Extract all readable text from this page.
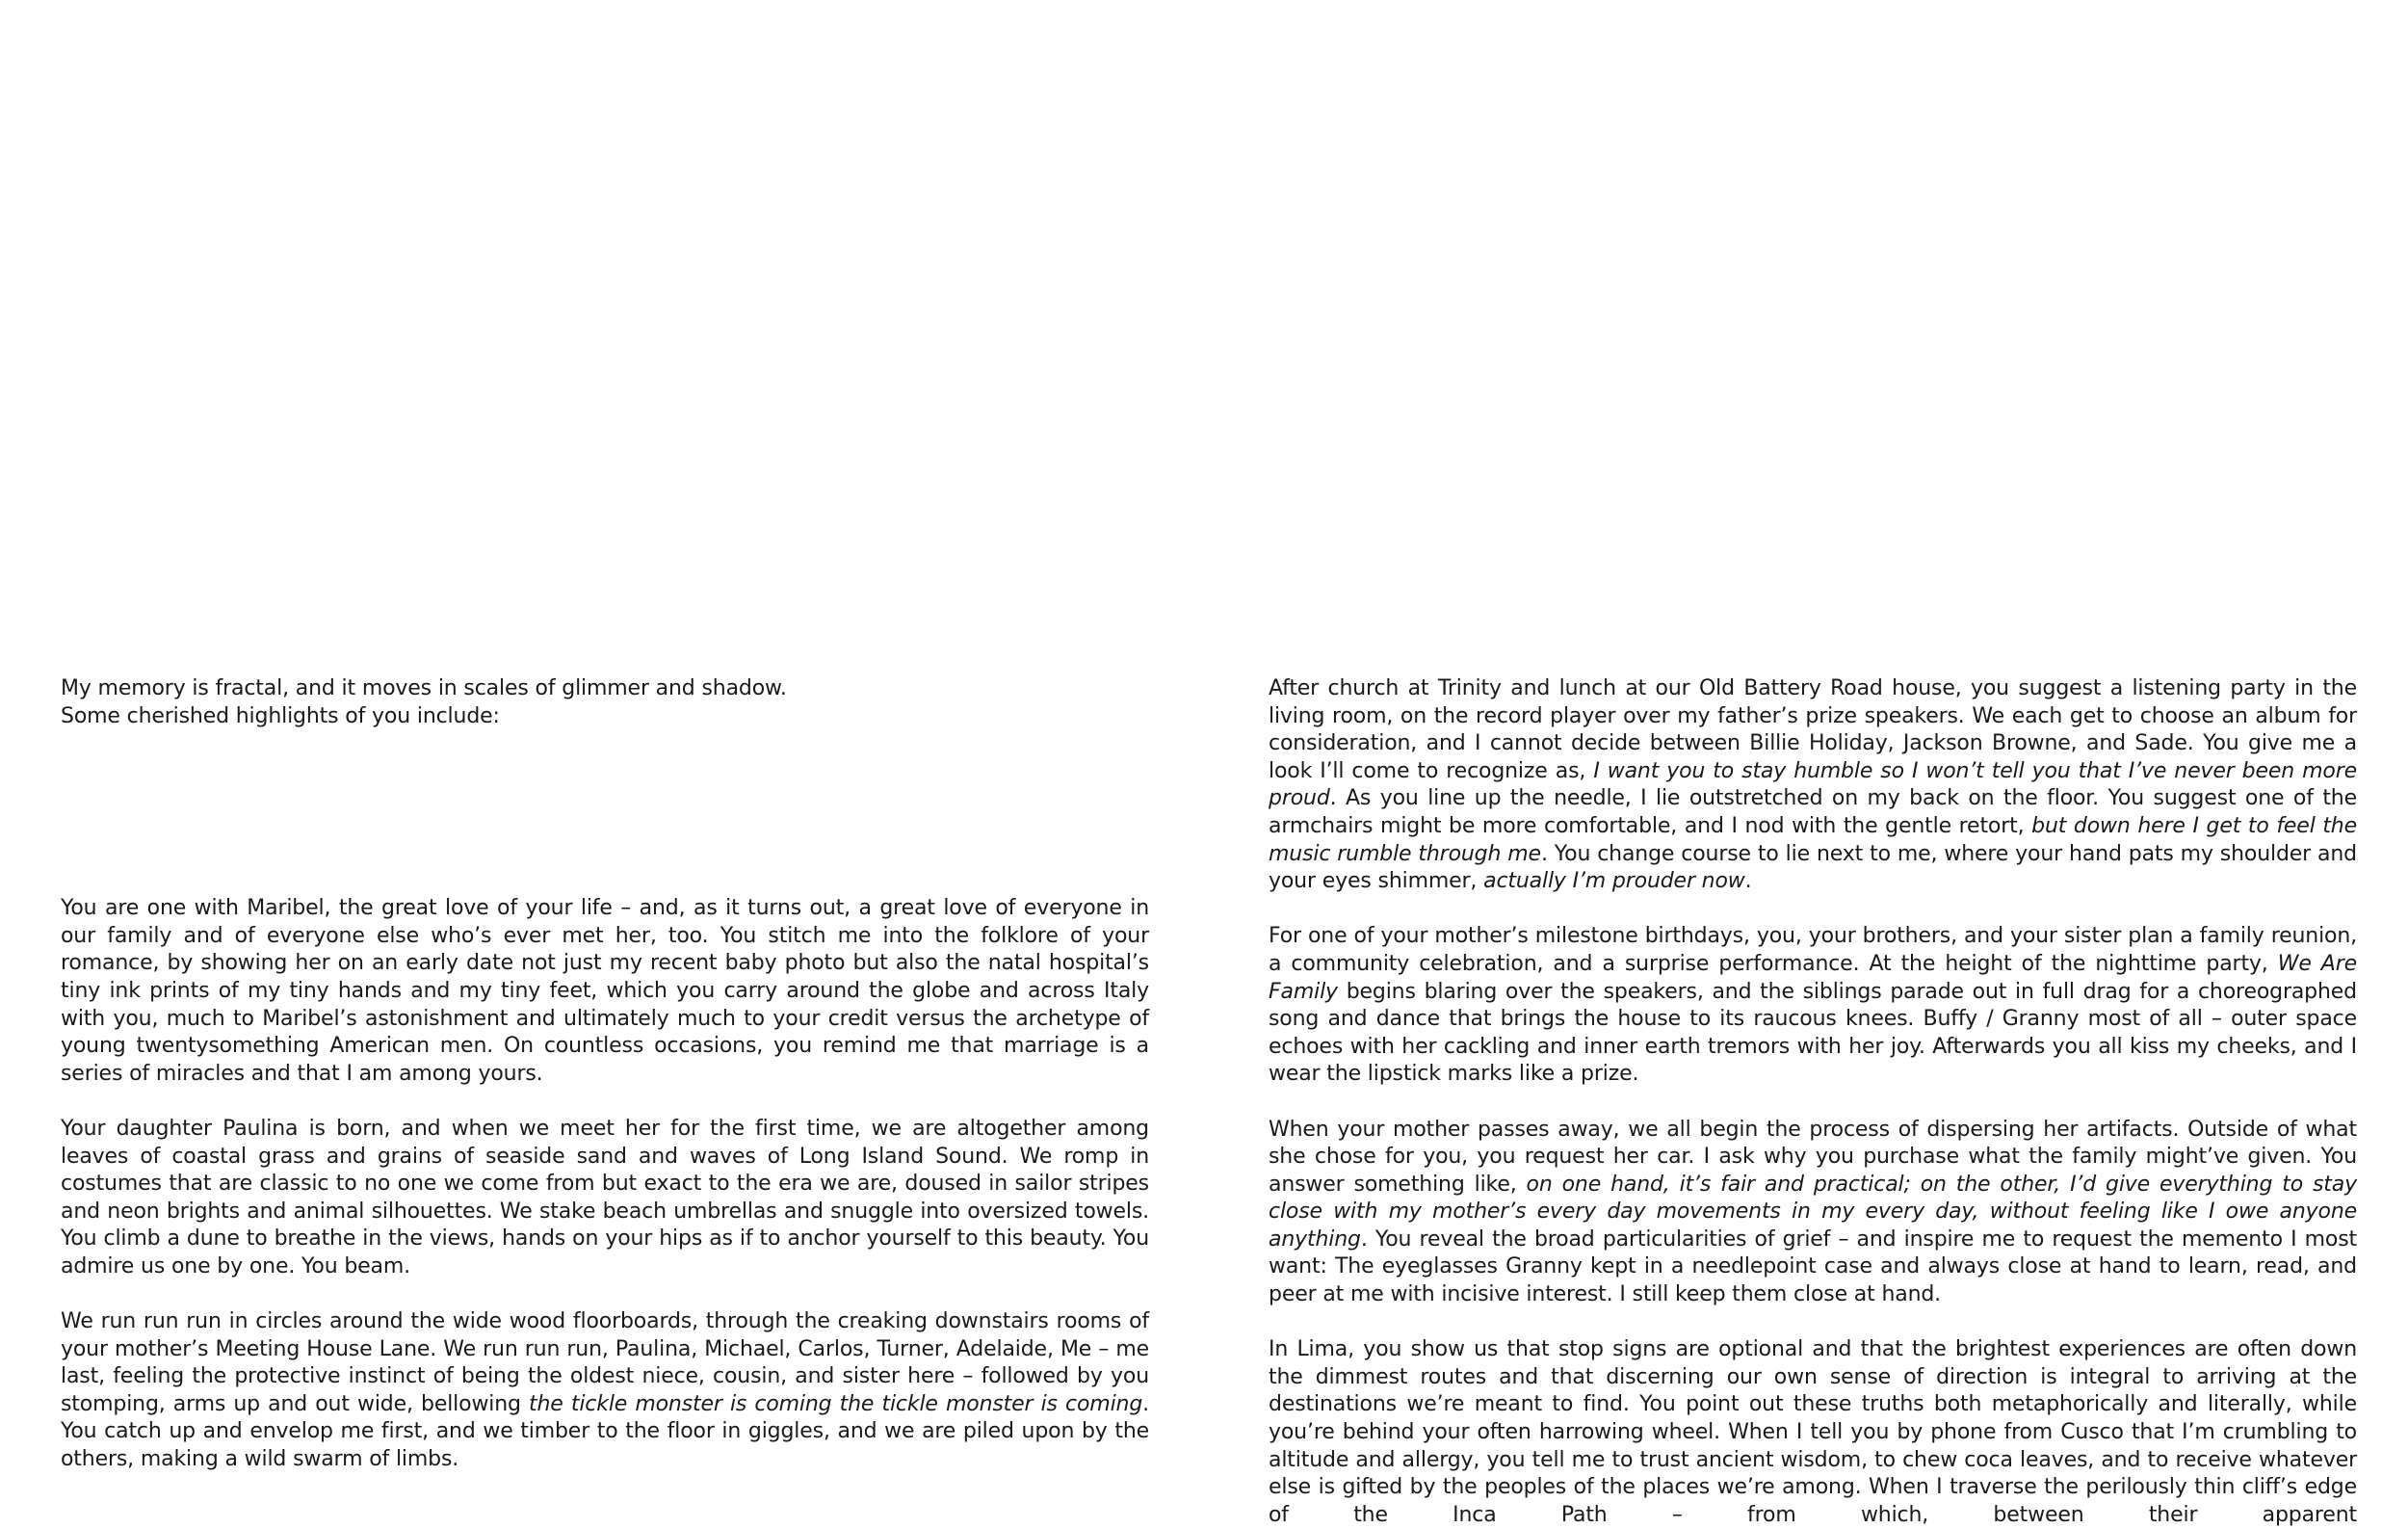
My memory is fractal, and it moves in scales of glimmer and shadow.

Some cherished highlights of you include:

You are one with Maribel, the great love of your life – and, as it turns out, a great love of everyone in our family and of everyone else who’s ever met her, too. You stitch me into the folklore of your romance, by showing her on an early date not just my recent baby photo but also the natal hospital’s tiny ink prints of my tiny hands and my tiny feet, which you carry around the globe and across Italy with you, much to Maribel’s astonishment and ultimately much to your credit versus the archetype of young twentysomething American men. On countless occasions, you remind me that marriage is a series of miracles and that I am among yours.

Your daughter Paulina is born, and when we meet her for the first time, we are altogether among leaves of coastal grass and grains of seaside sand and waves of Long Island Sound. We romp in costumes that are classic to no one we come from but exact to the era we are, doused in sailor stripes and neon brights and animal silhouettes. We stake beach umbrellas and snuggle into oversized towels. You climb a dune to breathe in the views, hands on your hips as if to anchor yourself to this beauty. You admire us one by one. You beam.

We run run run in circles around the wide wood floorboards, through the creaking downstairs rooms of your mother’s Meeting House Lane. We run run run, Paulina, Michael, Carlos, Turner, Adelaide, Me – me last, feeling the protective instinct of being the oldest niece, cousin, and sister here – followed by you stomping, arms up and out wide, bellowing the tickle monster is coming the tickle monster is coming. You catch up and envelop me first, and we timber to the floor in giggles, and we are piled upon by the others, making a wild swarm of limbs.

After church at Trinity and lunch at our Old Battery Road house, you suggest a listening party in the living room, on the record player over my father’s prize speakers. We each get to choose an album for consideration, and I cannot decide between Billie Holiday, Jackson Browne, and Sade. You give me a look I’ll come to recognize as, I want you to stay humble so I won’t tell you that I’ve never been more proud. As you line up the needle, I lie outstretched on my back on the floor. You suggest one of the armchairs might be more comfortable, and I nod with the gentle retort, but down here I get to feel the music rumble through me. You change course to lie next to me, where your hand pats my shoulder and your eyes shimmer, actually I’m prouder now.

For one of your mother’s milestone birthdays, you, your brothers, and your sister plan a family reunion, a community celebration, and a surprise performance. At the height of the nighttime party, We Are Family begins blaring over the speakers, and the siblings parade out in full drag for a choreographed song and dance that brings the house to its raucous knees. Buffy / Granny most of all – outer space echoes with her cackling and inner earth tremors with her joy. Afterwards you all kiss my cheeks, and I wear the lipstick marks like a prize.

When your mother passes away, we all begin the process of dispersing her artifacts. Outside of what she chose for you, you request her car. I ask why you purchase what the family might’ve given. You answer something like, on one hand, it’s fair and practical; on the other, I’d give everything to stay close with my mother’s every day movements in my every day, without feeling like I owe anyone anything. You reveal the broad particularities of grief – and inspire me to request the memento I most want: The eyeglasses Granny kept in a needlepoint case and always close at hand to learn, read, and peer at me with incisive interest. I still keep them close at hand.

In Lima, you show us that stop signs are optional and that the brightest experiences are often down the dimmest routes and that discerning our own sense of direction is integral to arriving at the destinations we’re meant to find. You point out these truths both metaphorically and literally, while you’re behind your often harrowing wheel. When I tell you by phone from Cusco that I’m crumbling to altitude and allergy, you tell me to trust ancient wisdom, to chew coca leaves, and to receive whatever else is gifted by the peoples of the places we’re among. When I traverse the perilously thin cliff’s edge of the Inca Path – from which, between their apparent
